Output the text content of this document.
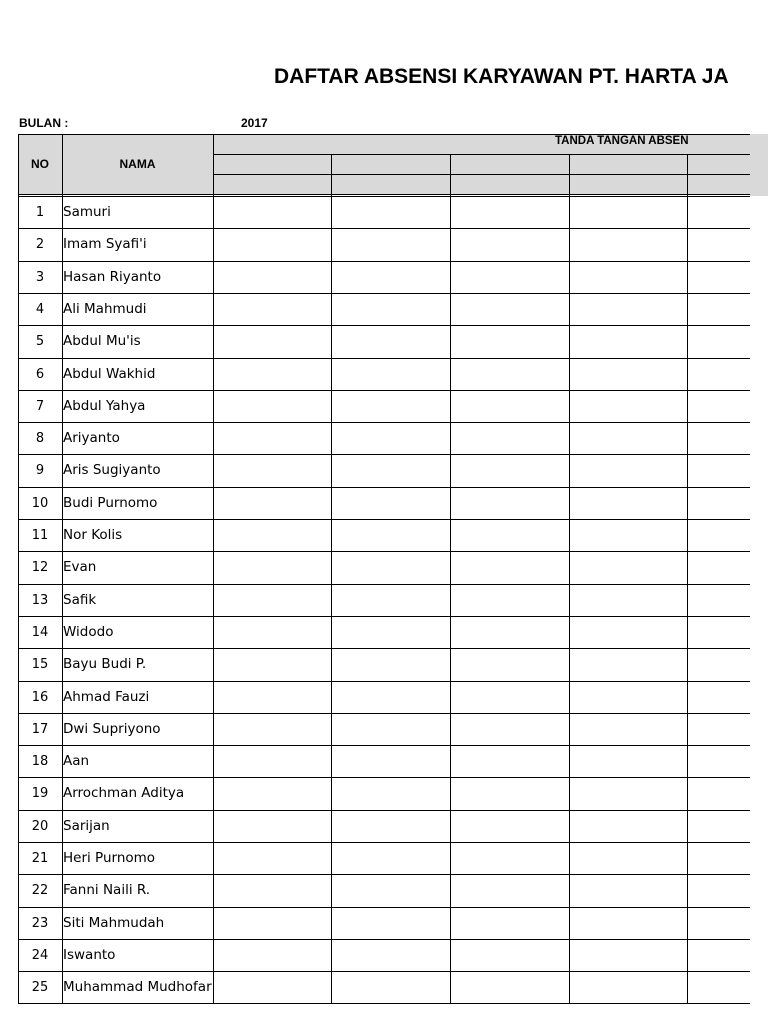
DAFTAR ABSENSI KARYAWAN PT. HARTA JA
BULAN :	2017
NO	NAMA
TANDA TANGAN ABSEN
1	Samuri
2	Imam Syafi'i
3	Hasan Riyanto
4	Ali Mahmudi
5	Abdul Mu'is
6	Abdul Wakhid
7	Abdul Yahya
8	Ariyanto
9	Aris Sugiyanto
10	Budi Purnomo
11	Nor Kolis
12	Evan
13	Safik
14	Widodo
15	Bayu Budi P.
16	Ahmad Fauzi
17	Dwi Supriyono
18	Aan
19	Arrochman Aditya
20	Sarijan
21	Heri Purnomo
22	Fanni Naili R.
23	Siti Mahmudah
24	Iswanto
25	Muhammad Mudhofar
